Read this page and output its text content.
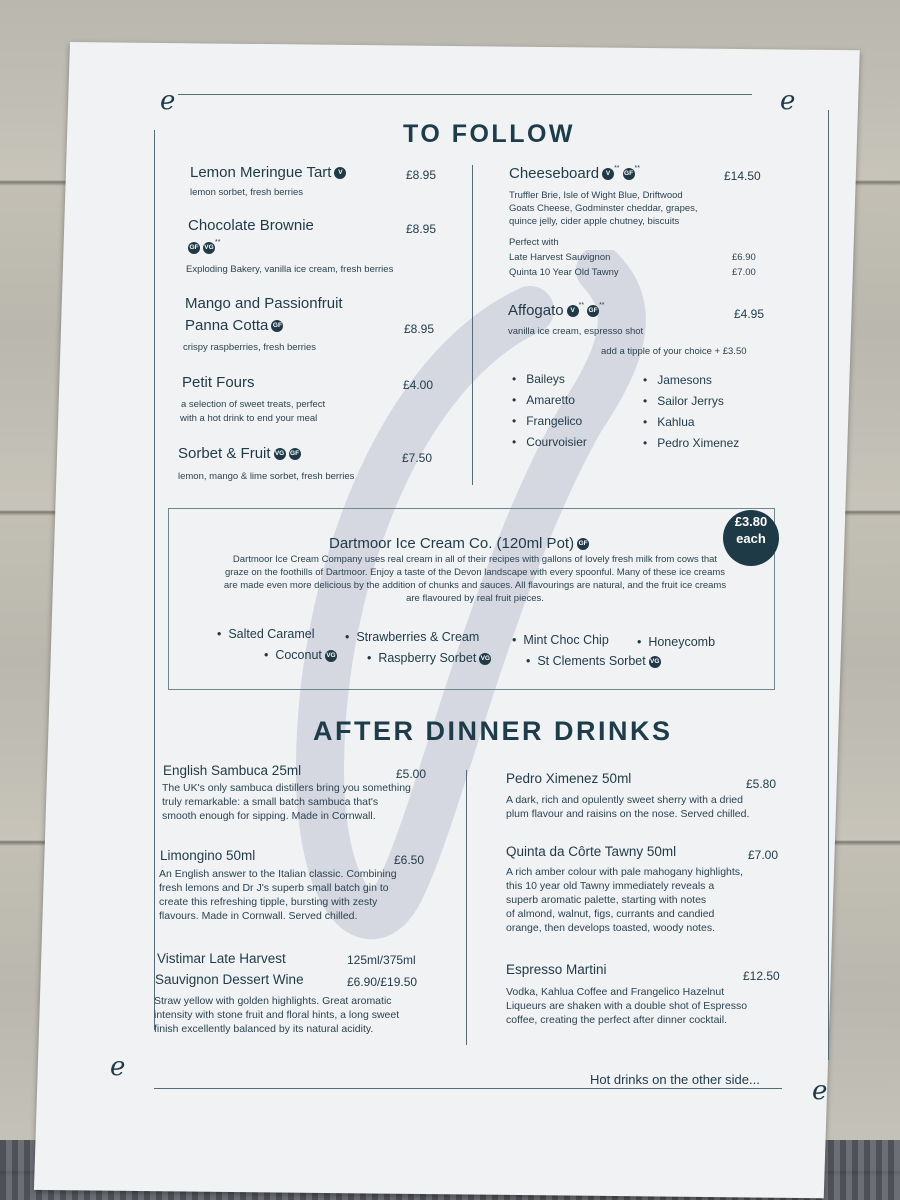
e	e
e
e
TO FOLLOW
Lemon Meringue Tart V	£8.95
lemon sorbet, fresh berries
Chocolate Brownie	£8.95
GF VG**
Exploding Bakery, vanilla ice cream, fresh berries
Mango and Passionfruit
Panna Cotta GF	£8.95
crispy raspberries, fresh berries
Petit Fours	£4.00
a selection of sweet treats, perfect
with a hot drink to end your meal
Sorbet & Fruit VG GF	£7.50
lemon, mango & lime sorbet, fresh berries
Cheeseboard V**GF**
£14.50
Truffler Brie, Isle of Wight Blue, Driftwood
Goats Cheese, Godminster cheddar, grapes,
quince jelly, cider apple chutney, biscuits
Perfect with
Late Harvest Sauvignon	£6.90
Quinta 10 Year Old Tawny	£7.00
Affogato V**GF**
£4.95
vanilla ice cream, espresso shot
add a tipple of your choice + £3.50
•   Baileys
•   Amaretto
•   Frangelico
•   Courvoisier
•   Jamesons
•   Sailor Jerrys
•   Kahlua
•   Pedro Ximenez
£3.80
each
Dartmoor Ice Cream Co. (120ml Pot) GF
Dartmoor Ice Cream Company uses real cream in all of their recipes with gallons of lovely fresh milk from cows that
graze on the foothills of Dartmoor. Enjoy a taste of the Devon landscape with every spoonful. Many of these ice creams
are made even more delicious by the addition of chunks and sauces. All flavourings are natural, and the fruit ice creams
are flavoured by real fruit pieces.
•  Salted Caramel •  Strawberries & Cream	•  Mint Choc Chip •  Honeycomb
•  Coconut VG	•  Raspberry Sorbet VG	•  St Clements Sorbet VG
AFTER DINNER DRINKS
English Sambuca 25ml	£5.00
The UK's only sambuca distillers bring you something
truly remarkable: a small batch sambuca that's
smooth enough for sipping. Made in Cornwall.
Limongino 50ml	£6.50
An English answer to the Italian classic. Combining
fresh lemons and Dr J's superb small batch gin to
create this refreshing tipple, bursting with zesty
flavours. Made in Cornwall. Served chilled.
Vistimar Late Harvest	125ml/375ml
Sauvignon Dessert Wine	£6.90/£19.50
Straw yellow with golden highlights. Great aromatic
intensity with stone fruit and floral hints, a long sweet
finish excellently balanced by its natural acidity.
Pedro Ximenez 50ml	£5.80
A dark, rich and opulently sweet sherry with a dried
plum flavour and raisins on the nose. Served chilled.
Quinta da Côrte Tawny 50ml	£7.00
A rich amber colour with pale mahogany highlights,
this 10 year old Tawny immediately reveals a
superb aromatic palette, starting with notes
of almond, walnut, figs, currants and candied
orange, then develops toasted, woody notes.
Espresso Martini	£12.50
Vodka, Kahlua Coffee and Frangelico Hazelnut
Liqueurs are shaken with a double shot of Espresso
coffee, creating the perfect after dinner cocktail.
Hot drinks on the other side...
